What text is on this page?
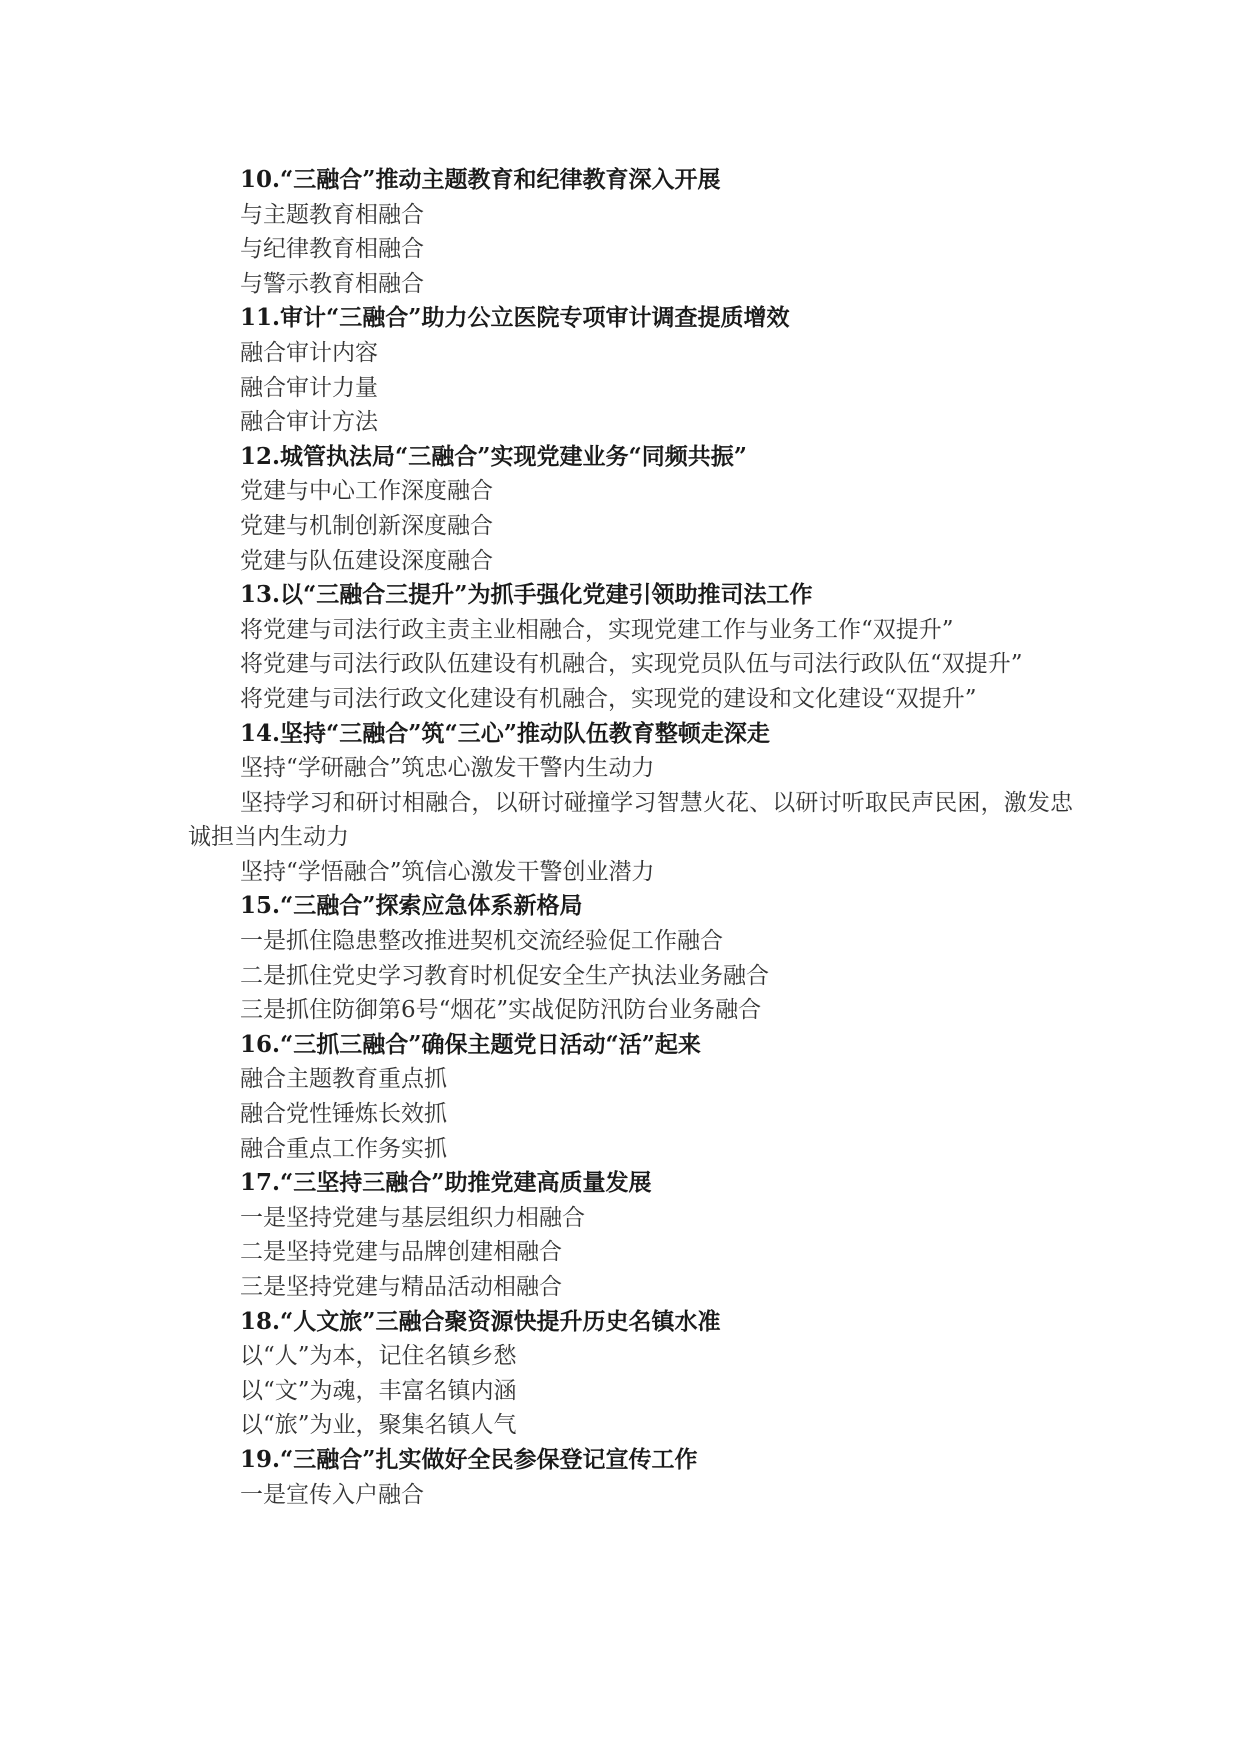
10.“三融合”推动主题教育和纪律教育深入开展

与主题教育相融合

与纪律教育相融合

与警示教育相融合

11.审计“三融合”助力公立医院专项审计调查提质增效

融合审计内容

融合审计力量

融合审计方法

12.城管执法局“三融合”实现党建业务“同频共振”

党建与中心工作深度融合

党建与机制创新深度融合

党建与队伍建设深度融合

13.以“三融合三提升”为抓手强化党建引领助推司法工作

将党建与司法行政主责主业相融合，实现党建工作与业务工作“双提升”

将党建与司法行政队伍建设有机融合，实现党员队伍与司法行政队伍“双提升”

将党建与司法行政文化建设有机融合，实现党的建设和文化建设“双提升”

14.坚持“三融合”筑“三心”推动队伍教育整顿走深走

坚持“学研融合”筑忠心激发干警内生动力

坚持学习和研讨相融合，以研讨碰撞学习智慧火花、以研讨听取民声民困，激发忠诚担当内生动力

坚持“学悟融合”筑信心激发干警创业潜力

15.“三融合”探索应急体系新格局

一是抓住隐患整改推进契机交流经验促工作融合

二是抓住党史学习教育时机促安全生产执法业务融合

三是抓住防御第6号“烟花”实战促防汛防台业务融合

16.“三抓三融合”确保主题党日活动“活”起来

融合主题教育重点抓

融合党性锤炼长效抓

融合重点工作务实抓

17.“三坚持三融合”助推党建高质量发展

一是坚持党建与基层组织力相融合

二是坚持党建与品牌创建相融合

三是坚持党建与精品活动相融合

18.“人文旅”三融合聚资源快提升历史名镇水准

以“人”为本，记住名镇乡愁

以“文”为魂，丰富名镇内涵

以“旅”为业，聚集名镇人气

19.“三融合”扎实做好全民参保登记宣传工作

一是宣传入户融合
